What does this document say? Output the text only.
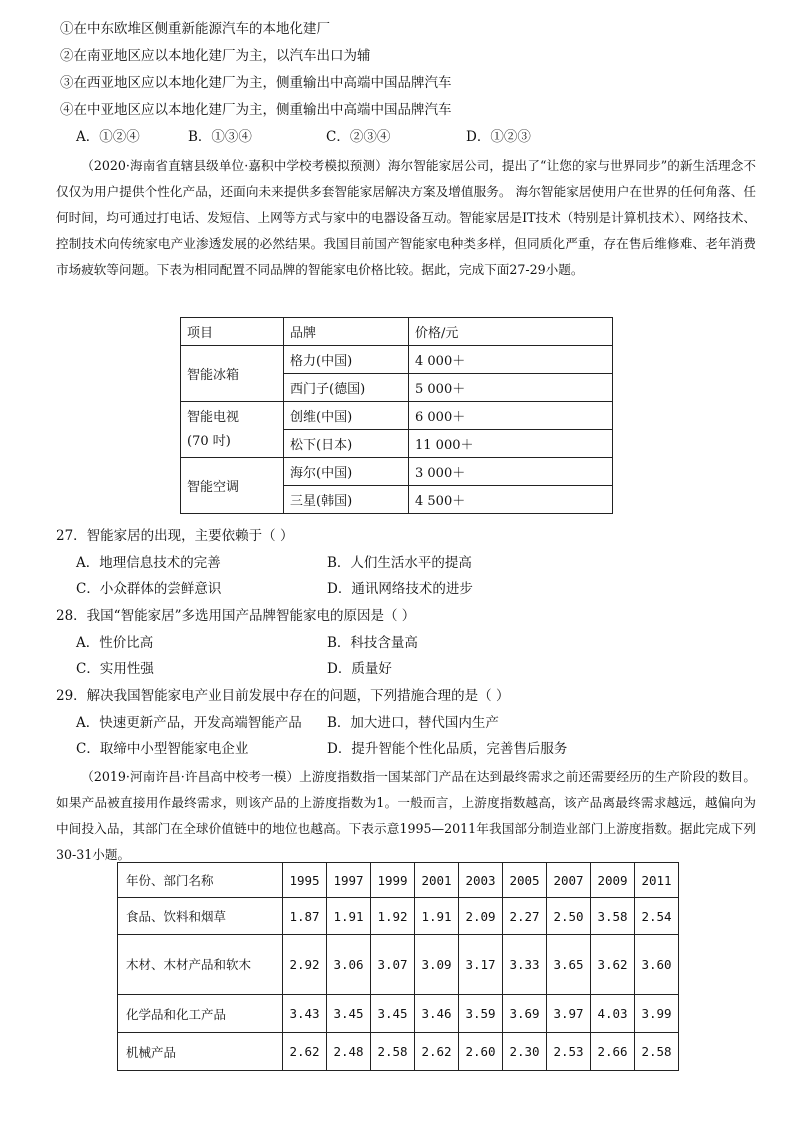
①在中东欧堆区侧重新能源汽车的本地化建厂
②在南亚地区应以本地化建厂为主，以汽车出口为辅
③在西亚地区应以本地化建厂为主，侧重输出中高端中国品牌汽车
④在中亚地区应以本地化建厂为主，侧重输出中高端中国品牌汽车
A．①②④	B．①③④	C．②③④	D．①②③
（2020·海南省直辖县级单位·嘉积中学校考模拟预测）海尔智能家居公司，提出了“让您的家与世界同步”的新生活理念不仅仅为用户提供个性化产品，还面向未来提供多套智能家居解决方案及增值服务。 海尔智能家居使用户在世界的任何角落、任何时间，均可通过打电话、发短信、上网等方式与家中的电器设备互动。智能家居是IT技术（特别是计算机技术）、网络技术、控制技术向传统家电产业渗透发展的必然结果。我国目前国产智能家电种类多样，但同质化严重，存在售后维修难、老年消费市场疲软等问题。下表为相同配置不同品牌的智能家电价格比较。据此，完成下面27-29小题。
项目	品牌	价格/元
智能冰箱	格力(中国)	4 000＋
	西门子(德国)	5 000＋
智能电视
(70 吋)	创维(中国)	6 000＋
	松下(日本)	11 000＋
智能空调	海尔(中国)	3 000＋
	三星(韩国)	4 500＋
27．智能家居的出现，主要依赖于（ ）
A．地理信息技术的完善	B．人们生活水平的提高
C．小众群体的尝鲜意识	D．通讯网络技术的进步
28．我国“智能家居”多选用国产品牌智能家电的原因是（ ）
A．性价比高	B．科技含量高
C．实用性强	D．质量好
29．解决我国智能家电产业目前发展中存在的问题，下列措施合理的是（ ）
A．快速更新产品，开发高端智能产品 B．加大进口，替代国内生产
C．取缔中小型智能家电企业	D．提升智能个性化品质，完善售后服务
（2019·河南许昌·许昌高中校考一模）上游度指数指一国某部门产品在达到最终需求之前还需要经历的生产阶段的数目。如果产品被直接用作最终需求，则该产品的上游度指数为1。一般而言，上游度指数越高，该产品离最终需求越远，越偏向为中间投入品，其部门在全球价值链中的地位也越高。下表示意1995—2011年我国部分制造业部门上游度指数。据此完成下列30-31小题。
年份、部门名称	1995	1997	1999	2001	2003	2005	2007	2009	2011
食品、饮料和烟草	1.87	1.91	1.92	1.91	2.09	2.27	2.50	3.58	2.54
木材、木材产品和软木	2.92	3.06	3.07	3.09	3.17	3.33	3.65	3.62	3.60
化学品和化工产品	3.43	3.45	3.45	3.46	3.59	3.69	3.97	4.03	3.99
机械产品	2.62	2.48	2.58	2.62	2.60	2.30	2.53	2.66	2.58
